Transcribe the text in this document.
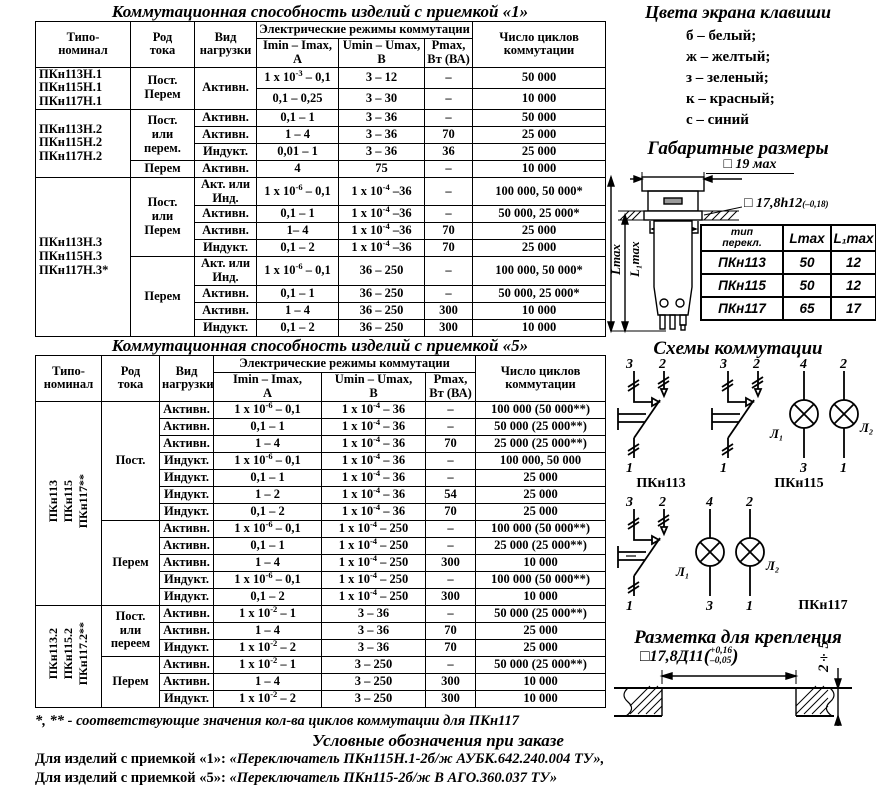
Коммутационная способность изделий с приемкой «1»
Типо-
номинал	Род
тока	Вид
нагрузки	Электрические режимы коммутации			Число циклов
коммутации
			Imin – Imax,
А	Umin – Umax,
В	Pmax,
Вт (ВА)	
ПКн113Н.1
ПКн115Н.1
ПКн117Н.1	Пост.
Перем	Активн.	1 х $10^{-3} - 0,1$	3 – 12	–	50 000
			0,1 – 0,25	3 – 30	–	10 000
ПКн113Н.2
ПКн115Н.2
ПКн117Н.2	Пост.
или
перем.	Активн.	0,1 – 1	3 – 36	–	50 000
		Активн.	1 – 4	3 – 36	70	25 000
		Индукт.	0,01 – 1	3 – 36	36	25 000
	Перем	Активн.	4	75	–	10 000
ПКн113Н.3
ПКн115Н.3
ПКн117Н.3*	Пост.
или
Перем	Акт. или
Инд.	1 х $10^{-6} - 0,1$	1 х $10^{-4}$ –36	–	100 000, 50 000*
		Активн.	0,1 – 1	1 х $10^{-4}$ –36	–	50 000, 25 000*
		Активн.	1– 4	1 х $10^{-4}$ –36	70	25 000
		Индукт.	0,1 – 2	1 х $10^{-4}$ –36	70	25 000
	Перем	Акт. или
Инд.	1 х $10^{-6} - 0,1$	36 – 250	–	100 000, 50 000*
		Активн.	0,1 – 1	36 – 250	–	50 000, 25 000*
		Активн.	1 – 4	36 – 250	300	10 000
		Индукт.	0,1 – 2	36 – 250	300	10 000
Коммутационная способность изделий с приемкой «5»
Типо-
номинал	Род
тока	Вид
нагрузки	Электрические режимы коммутации			Число циклов
коммутации
			Imin – Imax,
А	Umin – Umax,
В	Pmax,
Вт (ВА)	
ПКн113
ПКн115
ПКн117**	Пост.	Активн.	1 х $10^{-6} - 0,1$	1 х $10^{-4} - 36$	–	100 000 (50 000**)
		Активн.	0,1 – 1	1 х $10^{-4} - 36$	–	50 000 (25 000**)
		Активн.	1 – 4	1 х $10^{-4} - 36$	70	25 000 (25 000**)
		Индукт.	1 х $10^{-6} - 0,1$	1 х $10^{-4} - 36$	–	100 000, 50 000
		Индукт.	0,1 – 1	1 х $10^{-4} - 36$	–	25 000
		Индукт.	1 – 2	1 х $10^{-4} - 36$	54	25 000
		Индукт.	0,1 – 2	1 х $10^{-4} - 36$	70	25 000
	Перем	Активн.	1 х $10^{-6} - 0,1$	1 х $10^{-4} - 250$	–	100 000 (50 000**)
		Активн.	0,1 – 1	1 х $10^{-4} - 250$	–	25 000 (25 000**)
		Активн.	1 – 4	1 х $10^{-4} - 250$	300	10 000
		Индукт.	1 х $10^{-6} - 0,1$	1 х $10^{-4} - 250$	–	100 000 (50 000**)
		Индукт.	0,1 – 2	1 х $10^{-4} - 250$	300	10 000
ПКн113.2
ПКн115.2
ПКн117.2**	Пост.
или
переем	Активн.	1 х $10^{-2} - 1$	3 – 36	–	50 000 (25 000**)
		Активн.	1 – 4	3 – 36	70	25 000
		Индукт.	1 х $10^{-2} - 2$	3 – 36	70	25 000
	Перем	Активн.	1 х $10^{-2} - 1$	3 – 250	–	50 000 (25 000**)
		Активн.	1 – 4	3 – 250	300	10 000
		Индукт.	1 х $10^{-2} - 2$	3 – 250	300	10 000
*, ** - соответствующие значения кол-ва циклов коммутации для ПКн117
Условные обозначения при заказе
Для изделий с приемкой «1»: «Переключатель ПКн115Н.1-2б/ж АУБК.642.240.004 ТУ»,
Для изделий с приемкой «5»: «Переключатель ПКн115-2б/ж В АГО.360.037 ТУ»
Цвета экрана клавиши
б – белый;
ж – желтый;
з – зеленый;
к – красный;
с – синий
Габаритные размеры
Lmax L₁max
□ 19 мах
□ 17,8h12(–0,18)
тип
перекл.	Lmax	L₁max
ПКн113	50	12
ПКн115	50	12
ПКн117	65	17
Схемы коммутации
3 2
1
ПКн113
3 2
1
4 2
3 1
Л₁	Л₂
ПКн115
3 2
1
4 2
3 1
Л₁	Л₂
ПКн117
Разметка для крепления
□17,8Д11 ( +0,16
–0,05 )	2÷5
